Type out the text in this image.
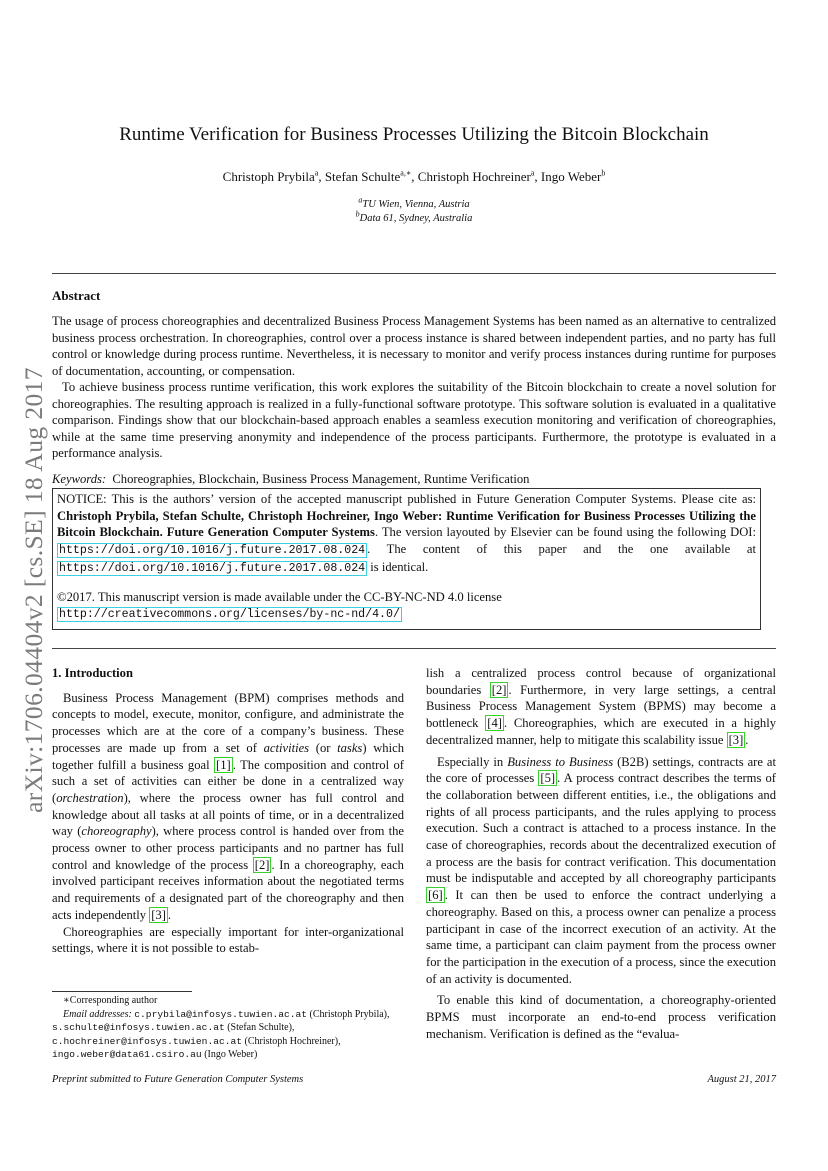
arXiv:1706.04404v2 [cs.SE] 18 Aug 2017
Runtime Verification for Business Processes Utilizing the Bitcoin Blockchain
Christoph Prybila$^a$, Stefan Schulte$^{a,∗}$, Christoph Hochreiner$^a$, Ingo Weber$^b$
$^a$TU Wien, Vienna, Austria
$^b$Data 61, Sydney, Australia
Abstract

The usage of process choreographies and decentralized Business Process Management Systems has been named as an alternative to centralized business process orchestration. In choreographies, control over a process instance is shared between independent parties, and no party has full control or knowledge during process runtime. Nevertheless, it is necessary to monitor and verify process instances during runtime for purposes of documentation, accounting, or compensation.

To achieve business process runtime verification, this work explores the suitability of the Bitcoin blockchain to create a novel solution for choreographies. The resulting approach is realized in a fully-functional software prototype. This software solution is evaluated in a qualitative comparison. Findings show that our blockchain-based approach enables a seamless execution monitoring and verification of choreographies, while at the same time preserving anonymity and independence of the process participants. Furthermore, the prototype is evaluated in a performance analysis.

Keywords: Choreographies, Blockchain, Business Process Management, Runtime Verification

NOTICE: This is the authors’ version of the accepted manuscript published in Future Generation Computer Systems. Please cite as: Christoph Prybila, Stefan Schulte, Christoph Hochreiner, Ingo Weber: Runtime Verification for Business Processes Utilizing the Bitcoin Blockchain. Future Generation Computer Systems. The version layouted by Elsevier can be found using the following DOI: https://doi.org/10.1016/j.future.2017.08.024 . The content of this paper and the one available at https://doi.org/10.1016/j.future.2017.08.024 is identical.

©2017. This manuscript version is made available under the CC-BY-NC-ND 4.0 license

http://creativecommons.org/licenses/by-nc-nd/4.0/

1. Introduction

Business Process Management (BPM) comprises methods and concepts to model, execute, monitor, configure, and administrate the processes which are at the core of a company’s business. These processes are made up from a set of activities (or tasks) which together fulfill a business goal [1] . The composition and control of such a set of activities can either be done in a centralized way (orchestration), where the process owner has full control and knowledge about all tasks at all points of time, or in a decentralized way (choreography), where process control is handed over from the process owner to other process participants and no partner has full control and knowledge of the process [2] . In a choreography, each involved participant receives information about the negotiated terms and requirements of a designated part of the choreography and then acts independently [3] .

Choreographies are especially important for inter-organizational settings, where it is not possible to estab-

lish a centralized process control because of organizational boundaries [2] . Furthermore, in very large settings, a central Business Process Management System (BPMS) may become a bottleneck [4] . Choreographies, which are executed in a highly decentralized manner, help to mitigate this scalability issue [3] .

Especially in Business to Business (B2B) settings, contracts are at the core of processes [5] . A process contract describes the terms of the collaboration between different entities, i.e., the obligations and rights of all process participants, and the rules applying to process execution. Such a contract is attached to a process instance. In the case of choreographies, records about the decentralized execution of a process are the basis for contract verification. This documentation must be indisputable and accepted by all choreography participants [6] . It can then be used to enforce the contract underlying a choreography. Based on this, a process owner can penalize a process participant in case of the incorrect execution of an activity. At the same time, a participant can claim payment from the process owner for the participation in the execution of a process, since the execution of an activity is documented.

To enable this kind of documentation, a choreography-oriented BPMS must incorporate an end-to-end process verification mechanism. Verification is defined as the “evalua-

∗Corresponding author
Email addresses: c.prybila@infosys.tuwien.ac.at (Christoph Prybila), s.schulte@infosys.tuwien.ac.at (Stefan Schulte),
c.hochreiner@infosys.tuwien.ac.at (Christoph Hochreiner),
ingo.weber@data61.csiro.au (Ingo Weber)
Preprint submitted to Future Generation Computer Systems	August 21, 2017
